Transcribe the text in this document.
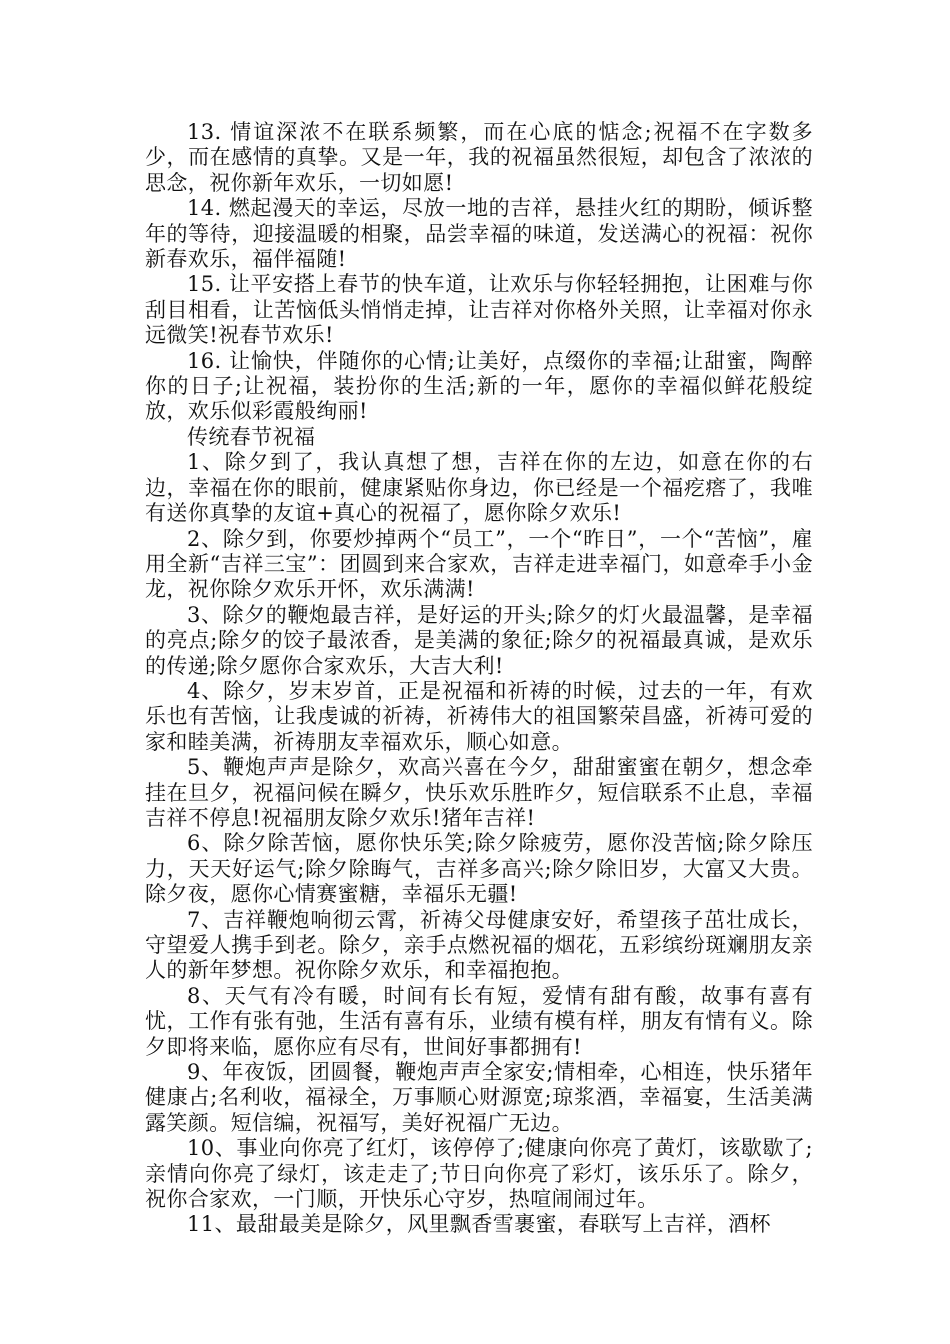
13. 情谊深浓不在联系频繁，而在心底的惦念;祝福不在字数多少，而在感情的真挚。又是一年，我的祝福虽然很短，却包含了浓浓的思念，祝你新年欢乐，一切如愿!

14. 燃起漫天的幸运，尽放一地的吉祥，悬挂火红的期盼，倾诉整年的等待，迎接温暖的相聚，品尝幸福的味道，发送满心的祝福：祝你新春欢乐，福伴福随!

15. 让平安搭上春节的快车道，让欢乐与你轻轻拥抱，让困难与你刮目相看，让苦恼低头悄悄走掉，让吉祥对你格外关照，让幸福对你永远微笑!祝春节欢乐!

16. 让愉快，伴随你的心情;让美好，点缀你的幸福;让甜蜜，陶醉你的日子;让祝福，装扮你的生活;新的一年，愿你的幸福似鲜花般绽放，欢乐似彩霞般绚丽!

传统春节祝福

1、除夕到了，我认真想了想，吉祥在你的左边，如意在你的右边，幸福在你的眼前，健康紧贴你身边，你已经是一个福疙瘩了，我唯有送你真挚的友谊+真心的祝福了，愿你除夕欢乐!

2、除夕到，你要炒掉两个“员工”，一个“昨日”，一个“苦恼”，雇用全新“吉祥三宝”：团圆到来合家欢，吉祥走进幸福门，如意牵手小金龙，祝你除夕欢乐开怀，欢乐满满!

3、除夕的鞭炮最吉祥，是好运的开头;除夕的灯火最温馨，是幸福的亮点;除夕的饺子最浓香，是美满的象征;除夕的祝福最真诚，是欢乐的传递;除夕愿你合家欢乐，大吉大利!

4、除夕，岁末岁首，正是祝福和祈祷的时候，过去的一年，有欢乐也有苦恼，让我虔诚的祈祷，祈祷伟大的祖国繁荣昌盛，祈祷可爱的家和睦美满，祈祷朋友幸福欢乐，顺心如意。

5、鞭炮声声是除夕，欢高兴喜在今夕，甜甜蜜蜜在朝夕，想念牵挂在旦夕，祝福问候在瞬夕，快乐欢乐胜昨夕，短信联系不止息，幸福吉祥不停息!祝福朋友除夕欢乐!猪年吉祥!

6、除夕除苦恼，愿你快乐笑;除夕除疲劳，愿你没苦恼;除夕除压力，天天好运气;除夕除晦气，吉祥多高兴;除夕除旧岁，大富又大贵。除夕夜，愿你心情赛蜜糖，幸福乐无疆!

7、吉祥鞭炮响彻云霄，祈祷父母健康安好，希望孩子茁壮成长，守望爱人携手到老。除夕，亲手点燃祝福的烟花，五彩缤纷斑斓朋友亲人的新年梦想。祝你除夕欢乐，和幸福抱抱。

8、天气有冷有暖，时间有长有短，爱情有甜有酸，故事有喜有忧，工作有张有弛，生活有喜有乐，业绩有模有样，朋友有情有义。除夕即将来临，愿你应有尽有，世间好事都拥有!

9、年夜饭，团圆餐，鞭炮声声全家安;情相牵，心相连，快乐猪年健康占;名利收，福禄全，万事顺心财源宽;琼浆酒，幸福宴，生活美满露笑颜。短信编，祝福写，美好祝福广无边。

10、事业向你亮了红灯，该停停了;健康向你亮了黄灯，该歇歇了;亲情向你亮了绿灯，该走走了;节日向你亮了彩灯，该乐乐了。除夕，祝你合家欢，一门顺，开快乐心守岁，热喧闹闹过年。

11、最甜最美是除夕，风里飘香雪裹蜜，春联写上吉祥，酒杯
